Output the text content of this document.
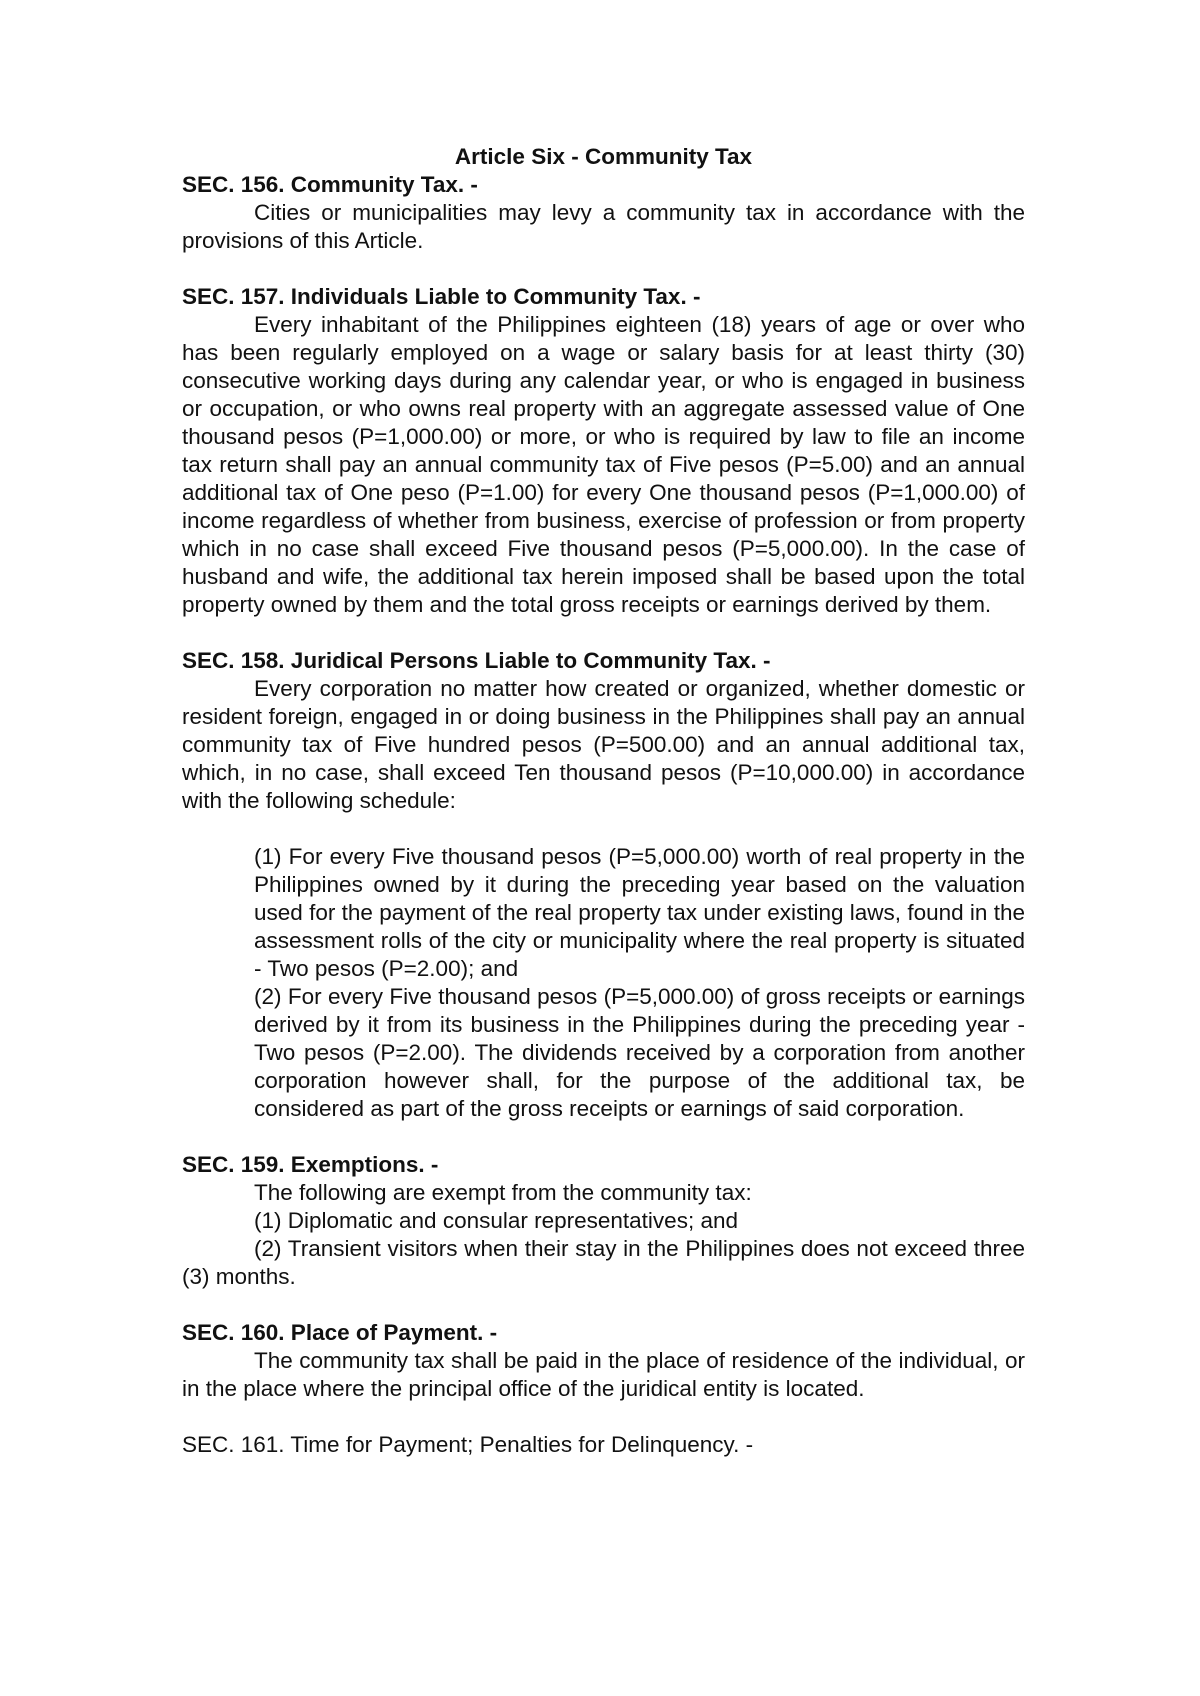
Article Six - Community Tax

SEC. 156. Community Tax. -

Cities or municipalities may levy a community tax in accordance with the provisions of this Article.

SEC. 157. Individuals Liable to Community Tax. -

Every inhabitant of the Philippines eighteen (18) years of age or over who has been regularly employed on a wage or salary basis for at least thirty (30) consecutive working days during any calendar year, or who is engaged in business or occupation, or who owns real property with an aggregate assessed value of One thousand pesos (P=1,000.00) or more, or who is required by law to file an income tax return shall pay an annual community tax of Five pesos (P=5.00) and an annual additional tax of One peso (P=1.00) for every One thousand pesos (P=1,000.00) of income regardless of whether from business, exercise of profession or from property which in no case shall exceed Five thousand pesos (P=5,000.00). In the case of husband and wife, the additional tax herein imposed shall be based upon the total property owned by them and the total gross receipts or earnings derived by them.

SEC. 158. Juridical Persons Liable to Community Tax. -

Every corporation no matter how created or organized, whether domestic or resident foreign, engaged in or doing business in the Philippines shall pay an annual community tax of Five hundred pesos (P=500.00) and an annual additional tax, which, in no case, shall exceed Ten thousand pesos (P=10,000.00) in accordance with the following schedule:

(1) For every Five thousand pesos (P=5,000.00) worth of real property in the Philippines owned by it during the preceding year based on the valuation used for the payment of the real property tax under existing laws, found in the assessment rolls of the city or municipality where the real property is situated - Two pesos (P=2.00); and

(2) For every Five thousand pesos (P=5,000.00) of gross receipts or earnings derived by it from its business in the Philippines during the preceding year - Two pesos (P=2.00). The dividends received by a corporation from another corporation however shall, for the purpose of the additional tax, be considered as part of the gross receipts or earnings of said corporation.

SEC. 159. Exemptions. -

The following are exempt from the community tax:

(1) Diplomatic and consular representatives; and

(2) Transient visitors when their stay in the Philippines does not exceed three (3) months.

SEC. 160. Place of Payment. -

The community tax shall be paid in the place of residence of the individual, or in the place where the principal office of the juridical entity is located.

SEC. 161. Time for Payment; Penalties for Delinquency. -
